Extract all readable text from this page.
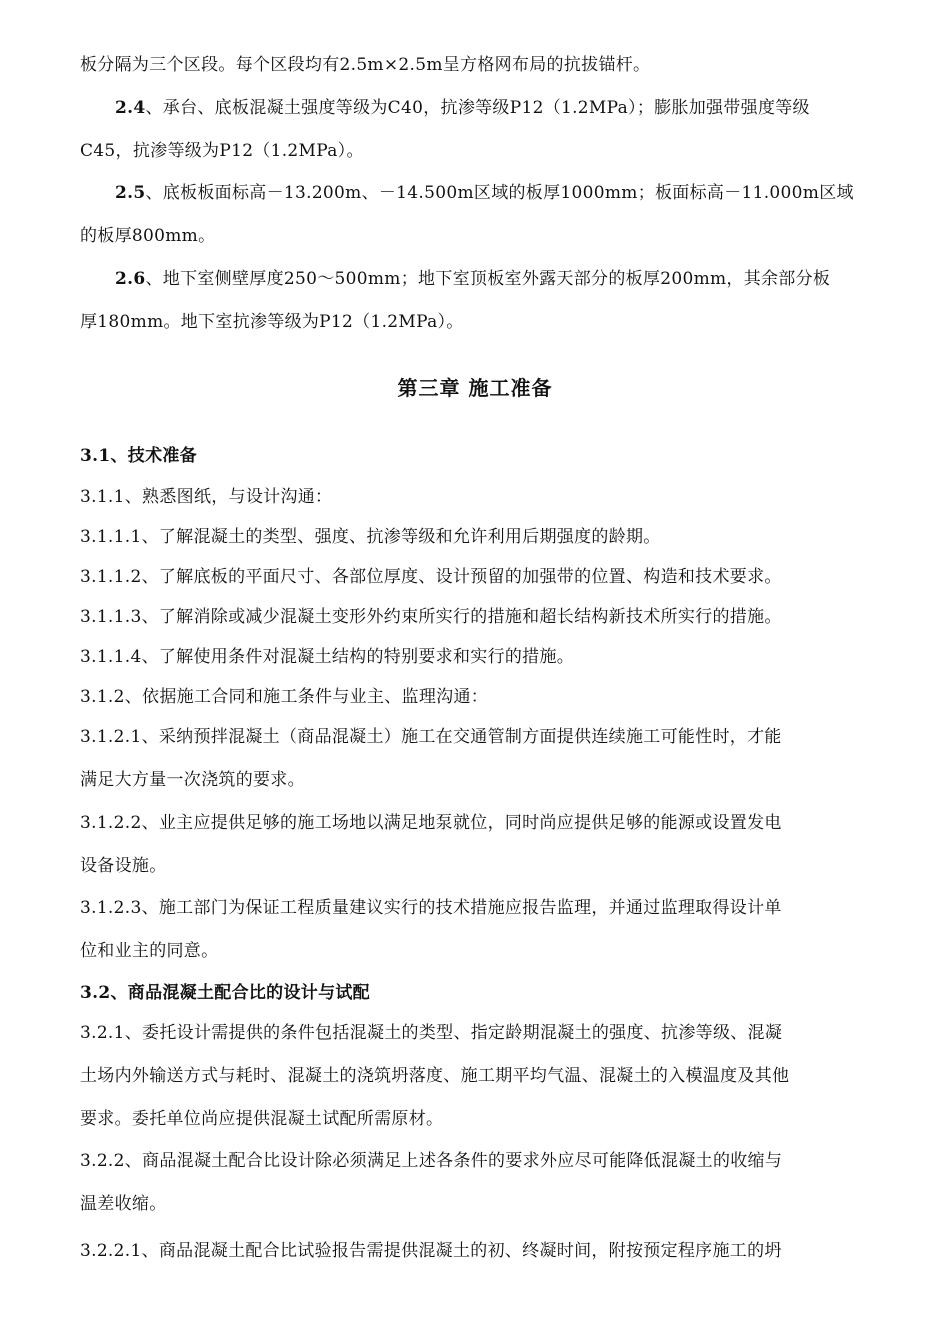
板分隔为三个区段。每个区段均有2.5m×2.5m呈方格网布局的抗拔锚杆。
2.4、承台、底板混凝土强度等级为C40，抗渗等级P12（1.2MPa）；膨胀加强带强度等级
C45，抗渗等级为P12（1.2MPa）。
2.5、底板板面标高－13.200m、－14.500m区域的板厚1000mm；板面标高－11.000m区域
的板厚800mm。
2.6、地下室侧壁厚度250～500mm；地下室顶板室外露天部分的板厚200mm，其余部分板
厚180mm。地下室抗渗等级为P12（1.2MPa）。
第三章 施工准备
3.1、技术准备
3.1.1、熟悉图纸，与设计沟通：
3.1.1.1、了解混凝土的类型、强度、抗渗等级和允许利用后期强度的龄期。
3.1.1.2、了解底板的平面尺寸、各部位厚度、设计预留的加强带的位置、构造和技术要求。
3.1.1.3、了解消除或减少混凝土变形外约束所实行的措施和超长结构新技术所实行的措施。
3.1.1.4、了解使用条件对混凝土结构的特别要求和实行的措施。
3.1.2、依据施工合同和施工条件与业主、监理沟通：
3.1.2.1、采纳预拌混凝土（商品混凝土）施工在交通管制方面提供连续施工可能性时，才能
满足大方量一次浇筑的要求。
3.1.2.2、业主应提供足够的施工场地以满足地泵就位，同时尚应提供足够的能源或设置发电
设备设施。
3.1.2.3、施工部门为保证工程质量建议实行的技术措施应报告监理，并通过监理取得设计单
位和业主的同意。
3.2、商品混凝土配合比的设计与试配
3.2.1、委托设计需提供的条件包括混凝土的类型、指定龄期混凝土的强度、抗渗等级、混凝
土场内外输送方式与耗时、混凝土的浇筑坍落度、施工期平均气温、混凝土的入模温度及其他
要求。委托单位尚应提供混凝土试配所需原材。
3.2.2、商品混凝土配合比设计除必须满足上述各条件的要求外应尽可能降低混凝土的收缩与
温差收缩。
3.2.2.1、商品混凝土配合比试验报告需提供混凝土的初、终凝时间，附按预定程序施工的坍
